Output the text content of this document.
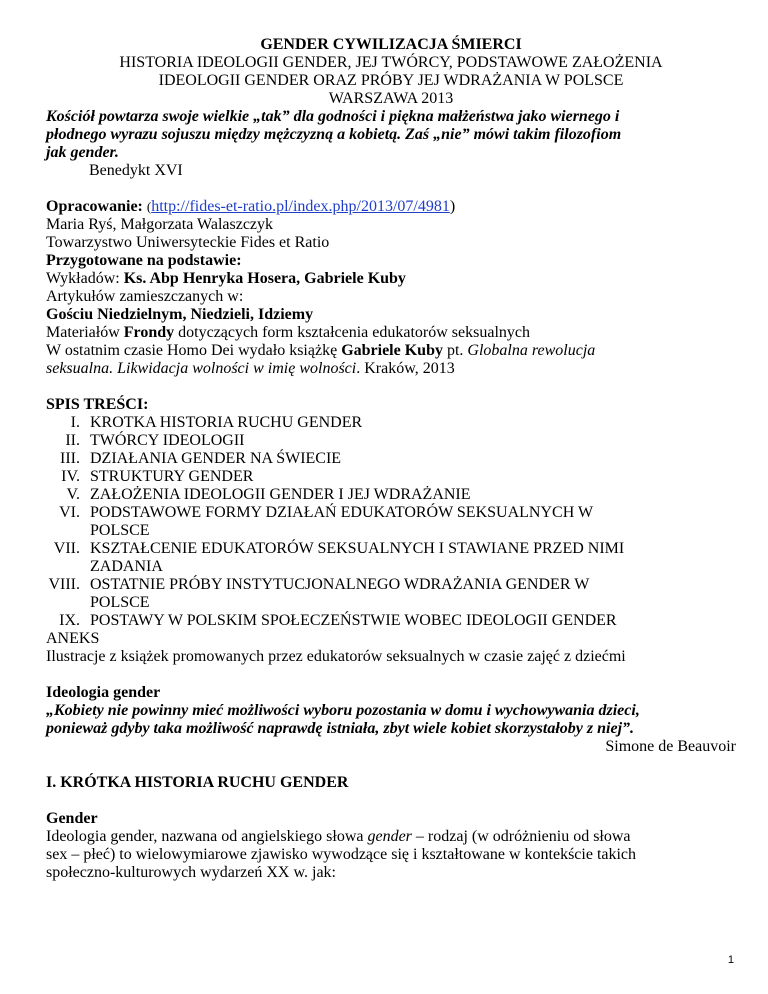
GENDER CYWILIZACJA ŚMIERCI
HISTORIA IDEOLOGII GENDER, JEJ TWÓRCY, PODSTAWOWE ZAŁOŻENIA
IDEOLOGII GENDER ORAZ PRÓBY JEJ WDRAŻANIA W POLSCE
WARSZAWA 2013
Kościół powtarza swoje wielkie „tak” dla godności i piękna małżeństwa jako wiernego i
płodnego wyrazu sojuszu między mężczyzną a kobietą. Zaś „nie” mówi takim filozofiom
jak gender.
Benedykt XVI
Opracowanie: (http://fides-et-ratio.pl/index.php/2013/07/4981)
Maria Ryś, Małgorzata Walaszczyk
Towarzystwo Uniwersyteckie Fides et Ratio
Przygotowane na podstawie:
Wykładów: Ks. Abp Henryka Hosera, Gabriele Kuby
Artykułów zamieszczanych w:
Gościu Niedzielnym, Niedzieli, Idziemy
Materiałów Frondy dotyczących form kształcenia edukatorów seksualnych
W ostatnim czasie Homo Dei wydało książkę Gabriele Kuby pt. Globalna rewolucja
seksualna. Likwidacja wolności w imię wolności. Kraków, 2013
SPIS TREŚCI:
I. KROTKA HISTORIA RUCHU GENDER
II. TWÓRCY IDEOLOGII
III. DZIAŁANIA GENDER NA ŚWIECIE
IV. STRUKTURY GENDER
V. ZAŁOŻENIA IDEOLOGII GENDER I JEJ WDRAŻANIE
VI. PODSTAWOWE FORMY DZIAŁAŃ EDUKATORÓW SEKSUALNYCH W
POLSCE
VII. KSZTAŁCENIE EDUKATORÓW SEKSUALNYCH I STAWIANE PRZED NIMI
ZADANIA
VIII. OSTATNIE PRÓBY INSTYTUCJONALNEGO WDRAŻANIA GENDER W
POLSCE
IX. POSTAWY W POLSKIM SPOŁECZEŃSTWIE WOBEC IDEOLOGII GENDER
ANEKS
Ilustracje z książek promowanych przez edukatorów seksualnych w czasie zajęć z dziećmi
Ideologia gender
„Kobiety nie powinny mieć możliwości wyboru pozostania w domu i wychowywania dzieci,
ponieważ gdyby taka możliwość naprawdę istniała, zbyt wiele kobiet skorzystałoby z niej”.
Simone de Beauvoir
I. KRÓTKA HISTORIA RUCHU GENDER
Gender
Ideologia gender, nazwana od angielskiego słowa gender – rodzaj (w odróżnieniu od słowa
sex – płeć) to wielowymiarowe zjawisko wywodzące się i kształtowane w kontekście takich
społeczno-kulturowych wydarzeń XX w. jak:
1
